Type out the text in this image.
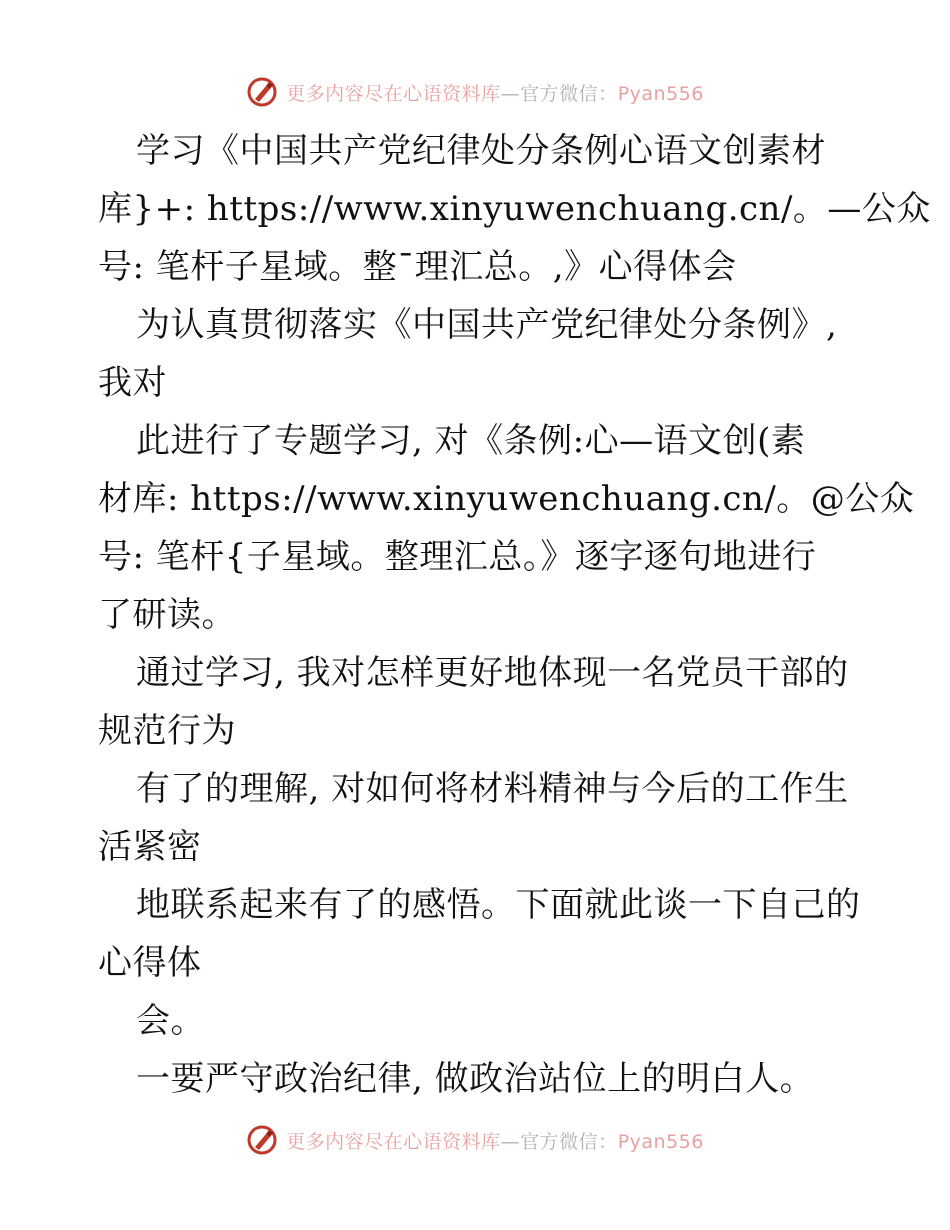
更多内容尽在心语资料库—官方微信：Pyan556
学习《中国共产党纪律处分条例心语文创素材
库}+: https://www.xinyuwenchuang.cn/。—公众
号: 笔杆子星域。整¯理汇总。,》心得体会
为认真贯彻落实《中国共产党纪律处分条例》,
我对
此进行了专题学习, 对《条例:心—语文创(素
材库: https://www.xinyuwenchuang.cn/。@公众
号: 笔杆{子星域。整理汇总。》逐字逐句地进行
了研读。
通过学习, 我对怎样更好地体现一名党员干部的
规范行为
有了的理解, 对如何将材料精神与今后的工作生
活紧密
地联系起来有了的感悟。下面就此谈一下自己的
心得体
会。
一要严守政治纪律, 做政治站位上的明白人。
更多内容尽在心语资料库—官方微信：Pyan556
